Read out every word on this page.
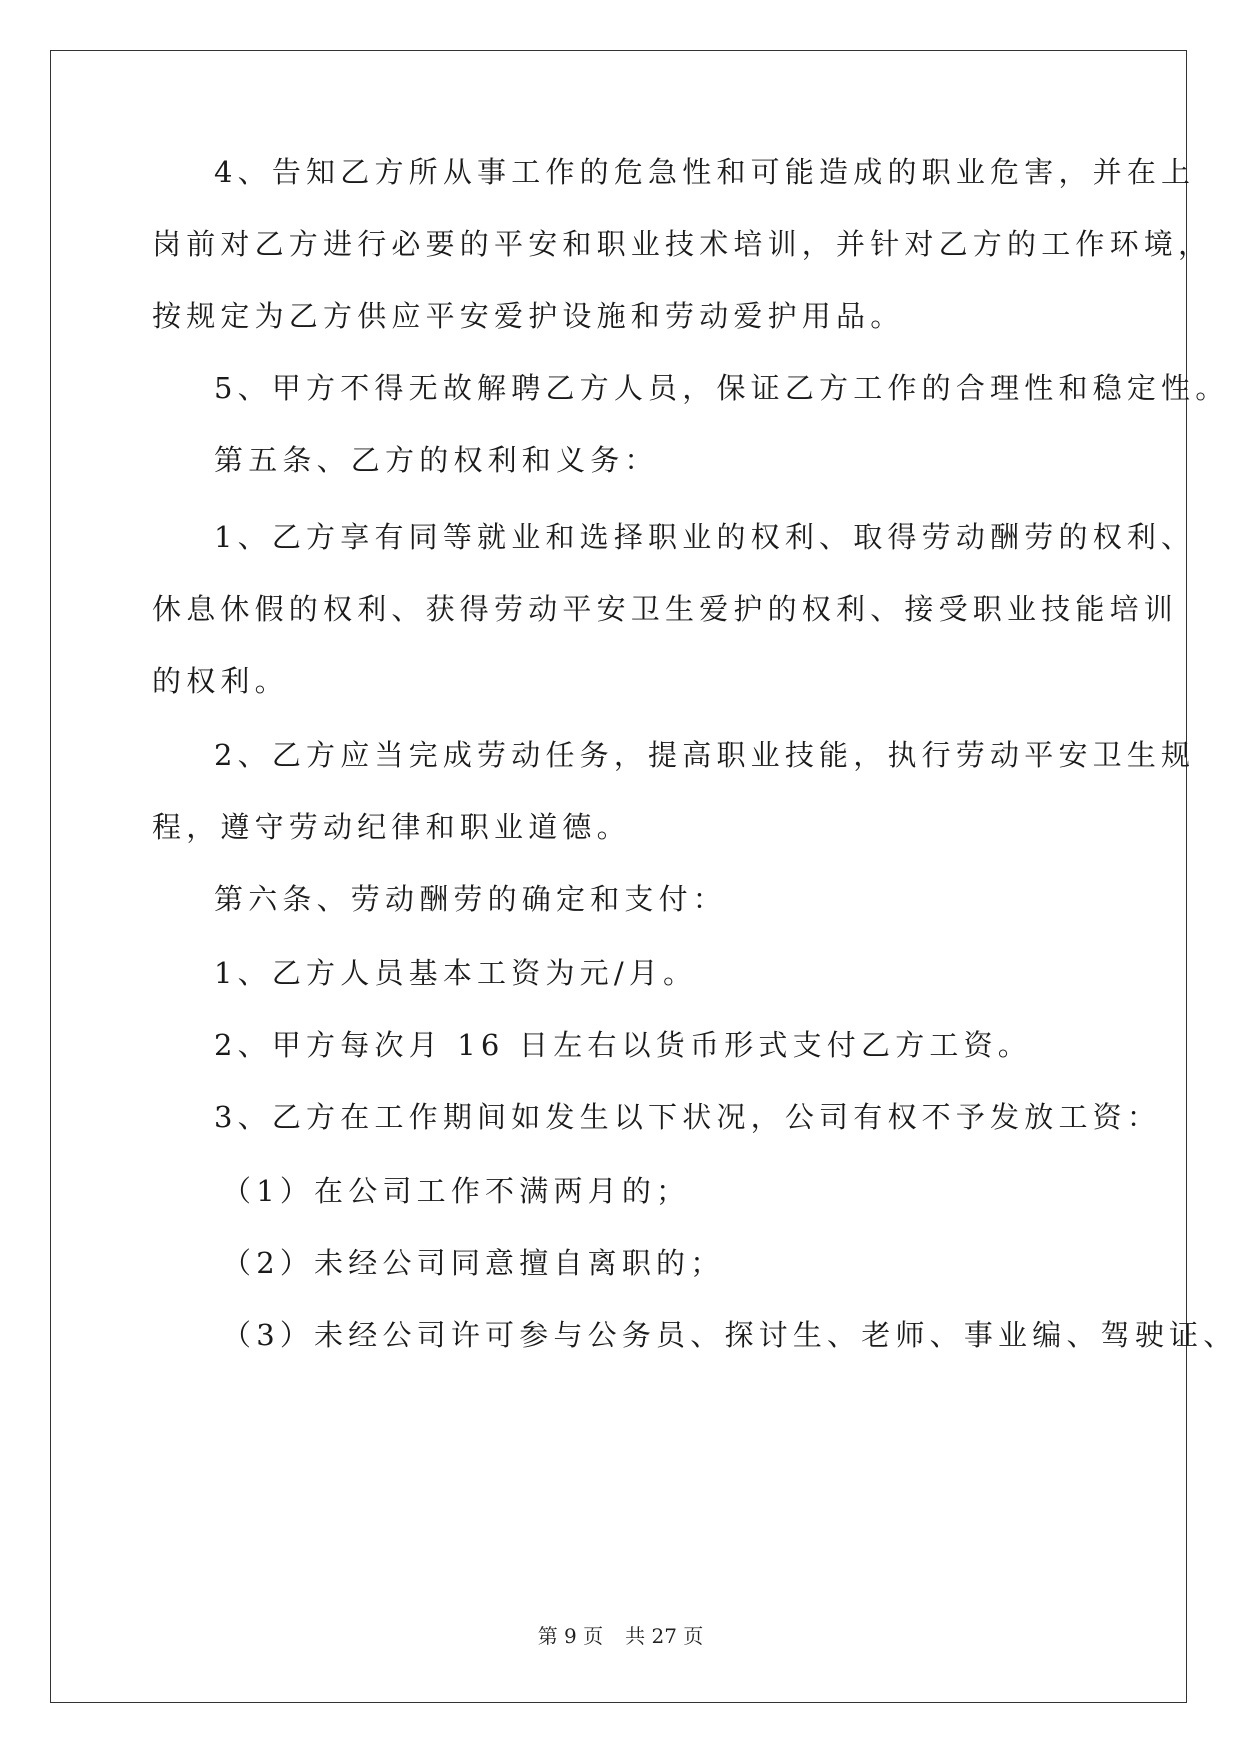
4、告知乙方所从事工作的危急性和可能造成的职业危害，并在上
岗前对乙方进行必要的平安和职业技术培训，并针对乙方的工作环境，
按规定为乙方供应平安爱护设施和劳动爱护用品。
5、甲方不得无故解聘乙方人员，保证乙方工作的合理性和稳定性。
第五条、乙方的权利和义务：
1、乙方享有同等就业和选择职业的权利、取得劳动酬劳的权利、
休息休假的权利、获得劳动平安卫生爱护的权利、接受职业技能培训
的权利。
2、乙方应当完成劳动任务，提高职业技能，执行劳动平安卫生规
程，遵守劳动纪律和职业道德。
第六条、劳动酬劳的确定和支付：
1、乙方人员基本工资为元/月。
2、甲方每次月 16 日左右以货币形式支付乙方工资。
3、乙方在工作期间如发生以下状况，公司有权不予发放工资：
（1）在公司工作不满两月的；
（2）未经公司同意擅自离职的；
（3）未经公司许可参与公务员、探讨生、老师、事业编、驾驶证、
第 9 页 共 27 页
